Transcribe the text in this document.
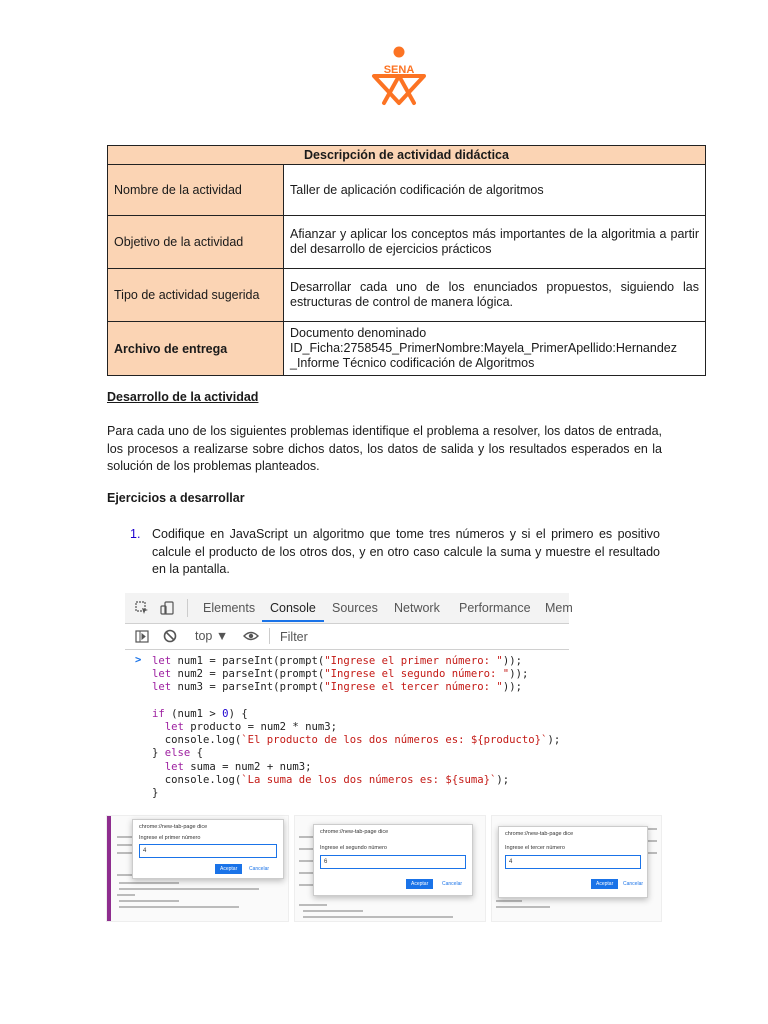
SENA
Descripción de actividad didáctica	
Nombre de la actividad	Taller de aplicación codificación de algoritmos
Objetivo de la actividad	Afianzar y aplicar los conceptos más importantes de la algoritmia a partir del desarrollo de ejercicios prácticos
Tipo de actividad sugerida	Desarrollar cada uno de los enunciados propuestos, siguiendo las estructuras de control de manera lógica.
Archivo de entrega	Documento denominado
ID_Ficha:2758545_PrimerNombre:Mayela_PrimerApellido:Hernandez
_Informe Técnico codificación de Algoritmos
Desarrollo de la actividad
Para cada uno de los siguientes problemas identifique el problema a resolver, los datos de entrada, los procesos a realizarse sobre dichos datos, los datos de salida y los resultados esperados en la solución de los problemas planteados.
Ejercicios a desarrollar
1. Codifique en JavaScript un algoritmo que tome tres números y si el primero es positivo calcule el producto de los otros dos, y en otro caso calcule la suma y muestre el resultado en la pantalla.
Elements Console Sources Network Performance Mem
top ▼	Filter
> let num1 = parseInt(prompt("Ingrese el primer número: "));
let num2 = parseInt(prompt("Ingrese el segundo número: "));
let num3 = parseInt(prompt("Ingrese el tercer número: "));
if (num1 > 0) {
let producto = num2 * num3;
console.log(`El producto de los dos números es: ${producto}`);
} else {
let suma = num2 + num3;
console.log(`La suma de los dos números es: ${suma}`);
}
chrome://new-tab-page dice
Ingrese el primer número
4
Aceptar	Cancelar
chrome://new-tab-page dice
Ingrese el segundo número
6
Aceptar	Cancelar
chrome://new-tab-page dice
Ingrese el tercer número
4
Aceptar	Cancelar
